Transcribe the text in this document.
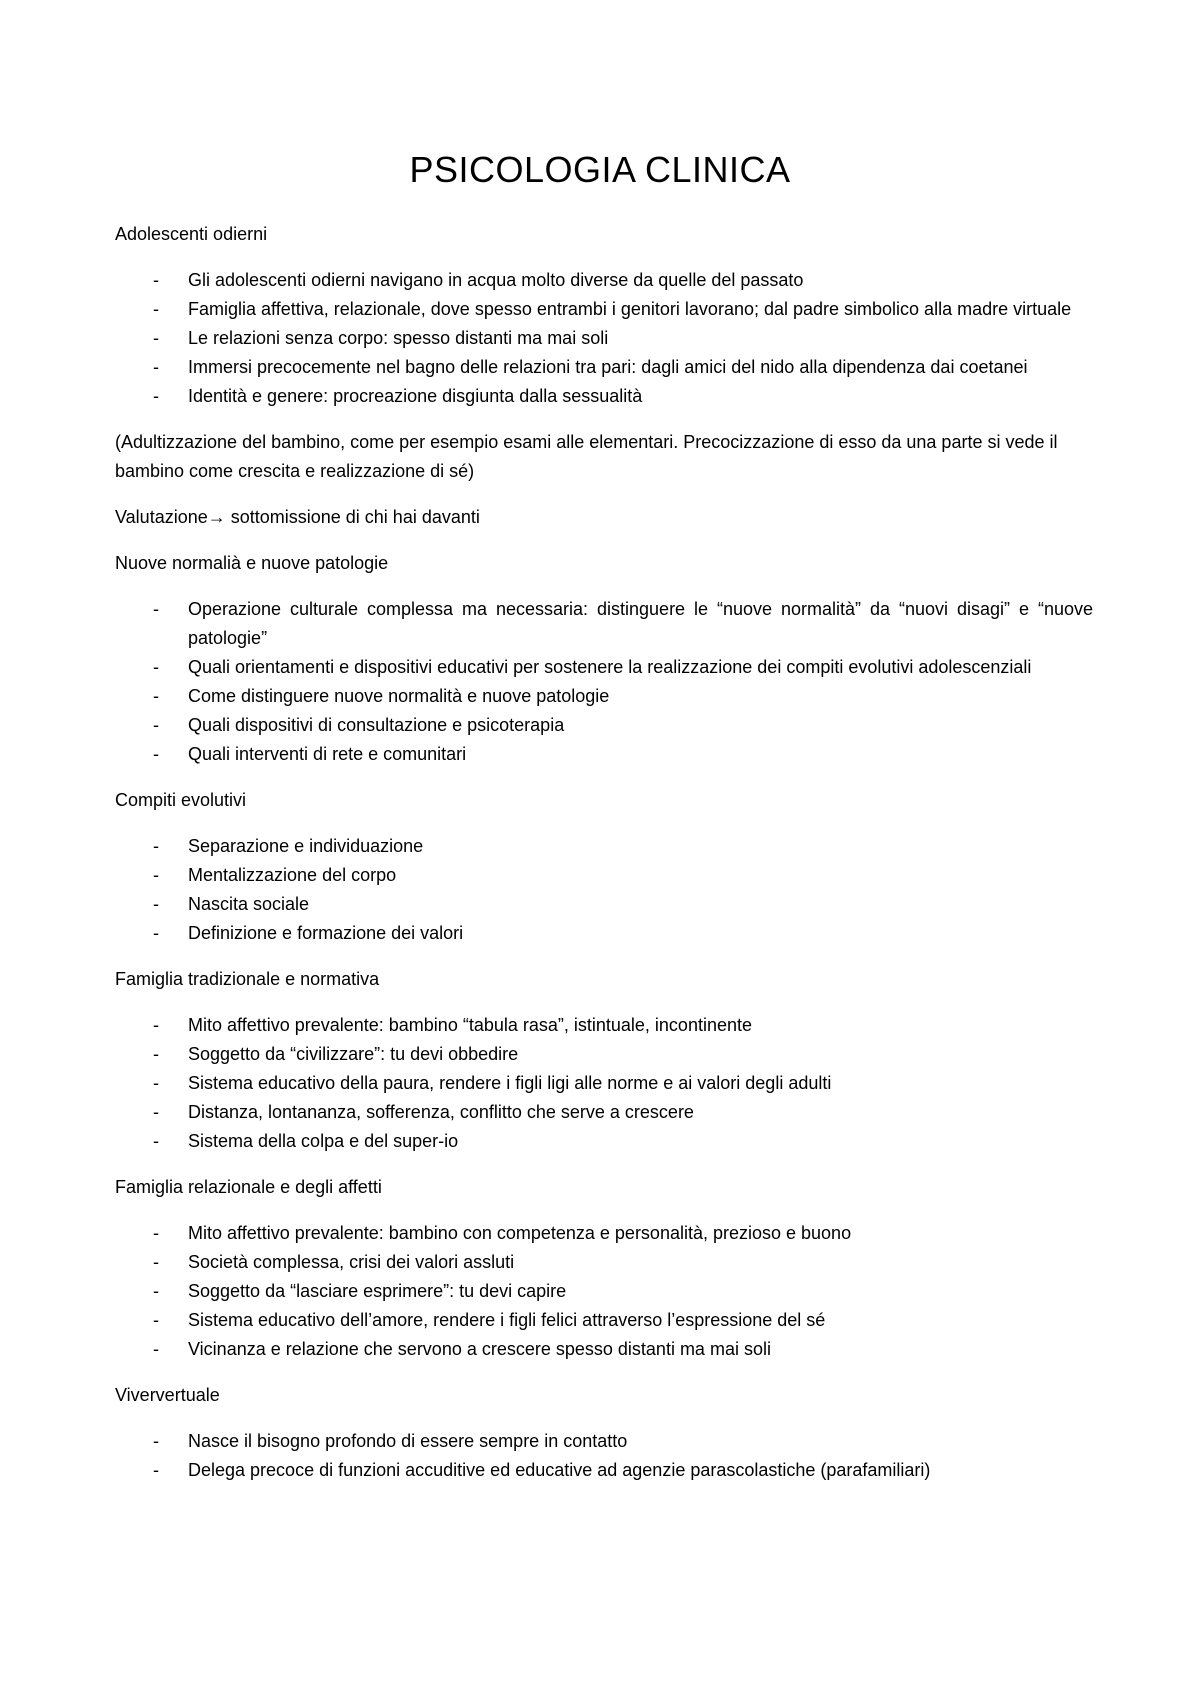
PSICOLOGIA CLINICA

Adolescenti odierni

- Gli adolescenti odierni navigano in acqua molto diverse da quelle del passato
- Famiglia affettiva, relazionale, dove spesso entrambi i genitori lavorano; dal padre simbolico alla madre virtuale
- Le relazioni senza corpo: spesso distanti ma mai soli
- Immersi precocemente nel bagno delle relazioni tra pari: dagli amici del nido alla dipendenza dai coetanei
- Identità e genere: procreazione disgiunta dalla sessualità

(Adultizzazione del bambino, come per esempio esami alle elementari. Precocizzazione di esso da una parte si vede il bambino come crescita e realizzazione di sé)

Valutazione→ sottomissione di chi hai davanti

Nuove normalià e nuove patologie

- Operazione culturale complessa ma necessaria: distinguere le “nuove normalità” da “nuovi disagi” e “nuove patologie”
- Quali orientamenti e dispositivi educativi per sostenere la realizzazione dei compiti evolutivi adolescenziali
- Come distinguere nuove normalità e nuove patologie
- Quali dispositivi di consultazione e psicoterapia
- Quali interventi di rete e comunitari

Compiti evolutivi

- Separazione e individuazione
- Mentalizzazione del corpo
- Nascita sociale
- Definizione e formazione dei valori

Famiglia tradizionale e normativa

- Mito affettivo prevalente: bambino “tabula rasa”, istintuale, incontinente
- Soggetto da “civilizzare”: tu devi obbedire
- Sistema educativo della paura, rendere i figli ligi alle norme e ai valori degli adulti
- Distanza, lontananza, sofferenza, conflitto che serve a crescere
- Sistema della colpa e del super-io

Famiglia relazionale e degli affetti

- Mito affettivo prevalente: bambino con competenza e personalità, prezioso e buono
- Società complessa, crisi dei valori assluti
- Soggetto da “lasciare esprimere”: tu devi capire
- Sistema educativo dell’amore, rendere i figli felici attraverso l’espressione del sé
- Vicinanza e relazione che servono a crescere spesso distanti ma mai soli

Viververtuale

- Nasce il bisogno profondo di essere sempre in contatto
- Delega precoce di funzioni accuditive ed educative ad agenzie parascolastiche (parafamiliari)
